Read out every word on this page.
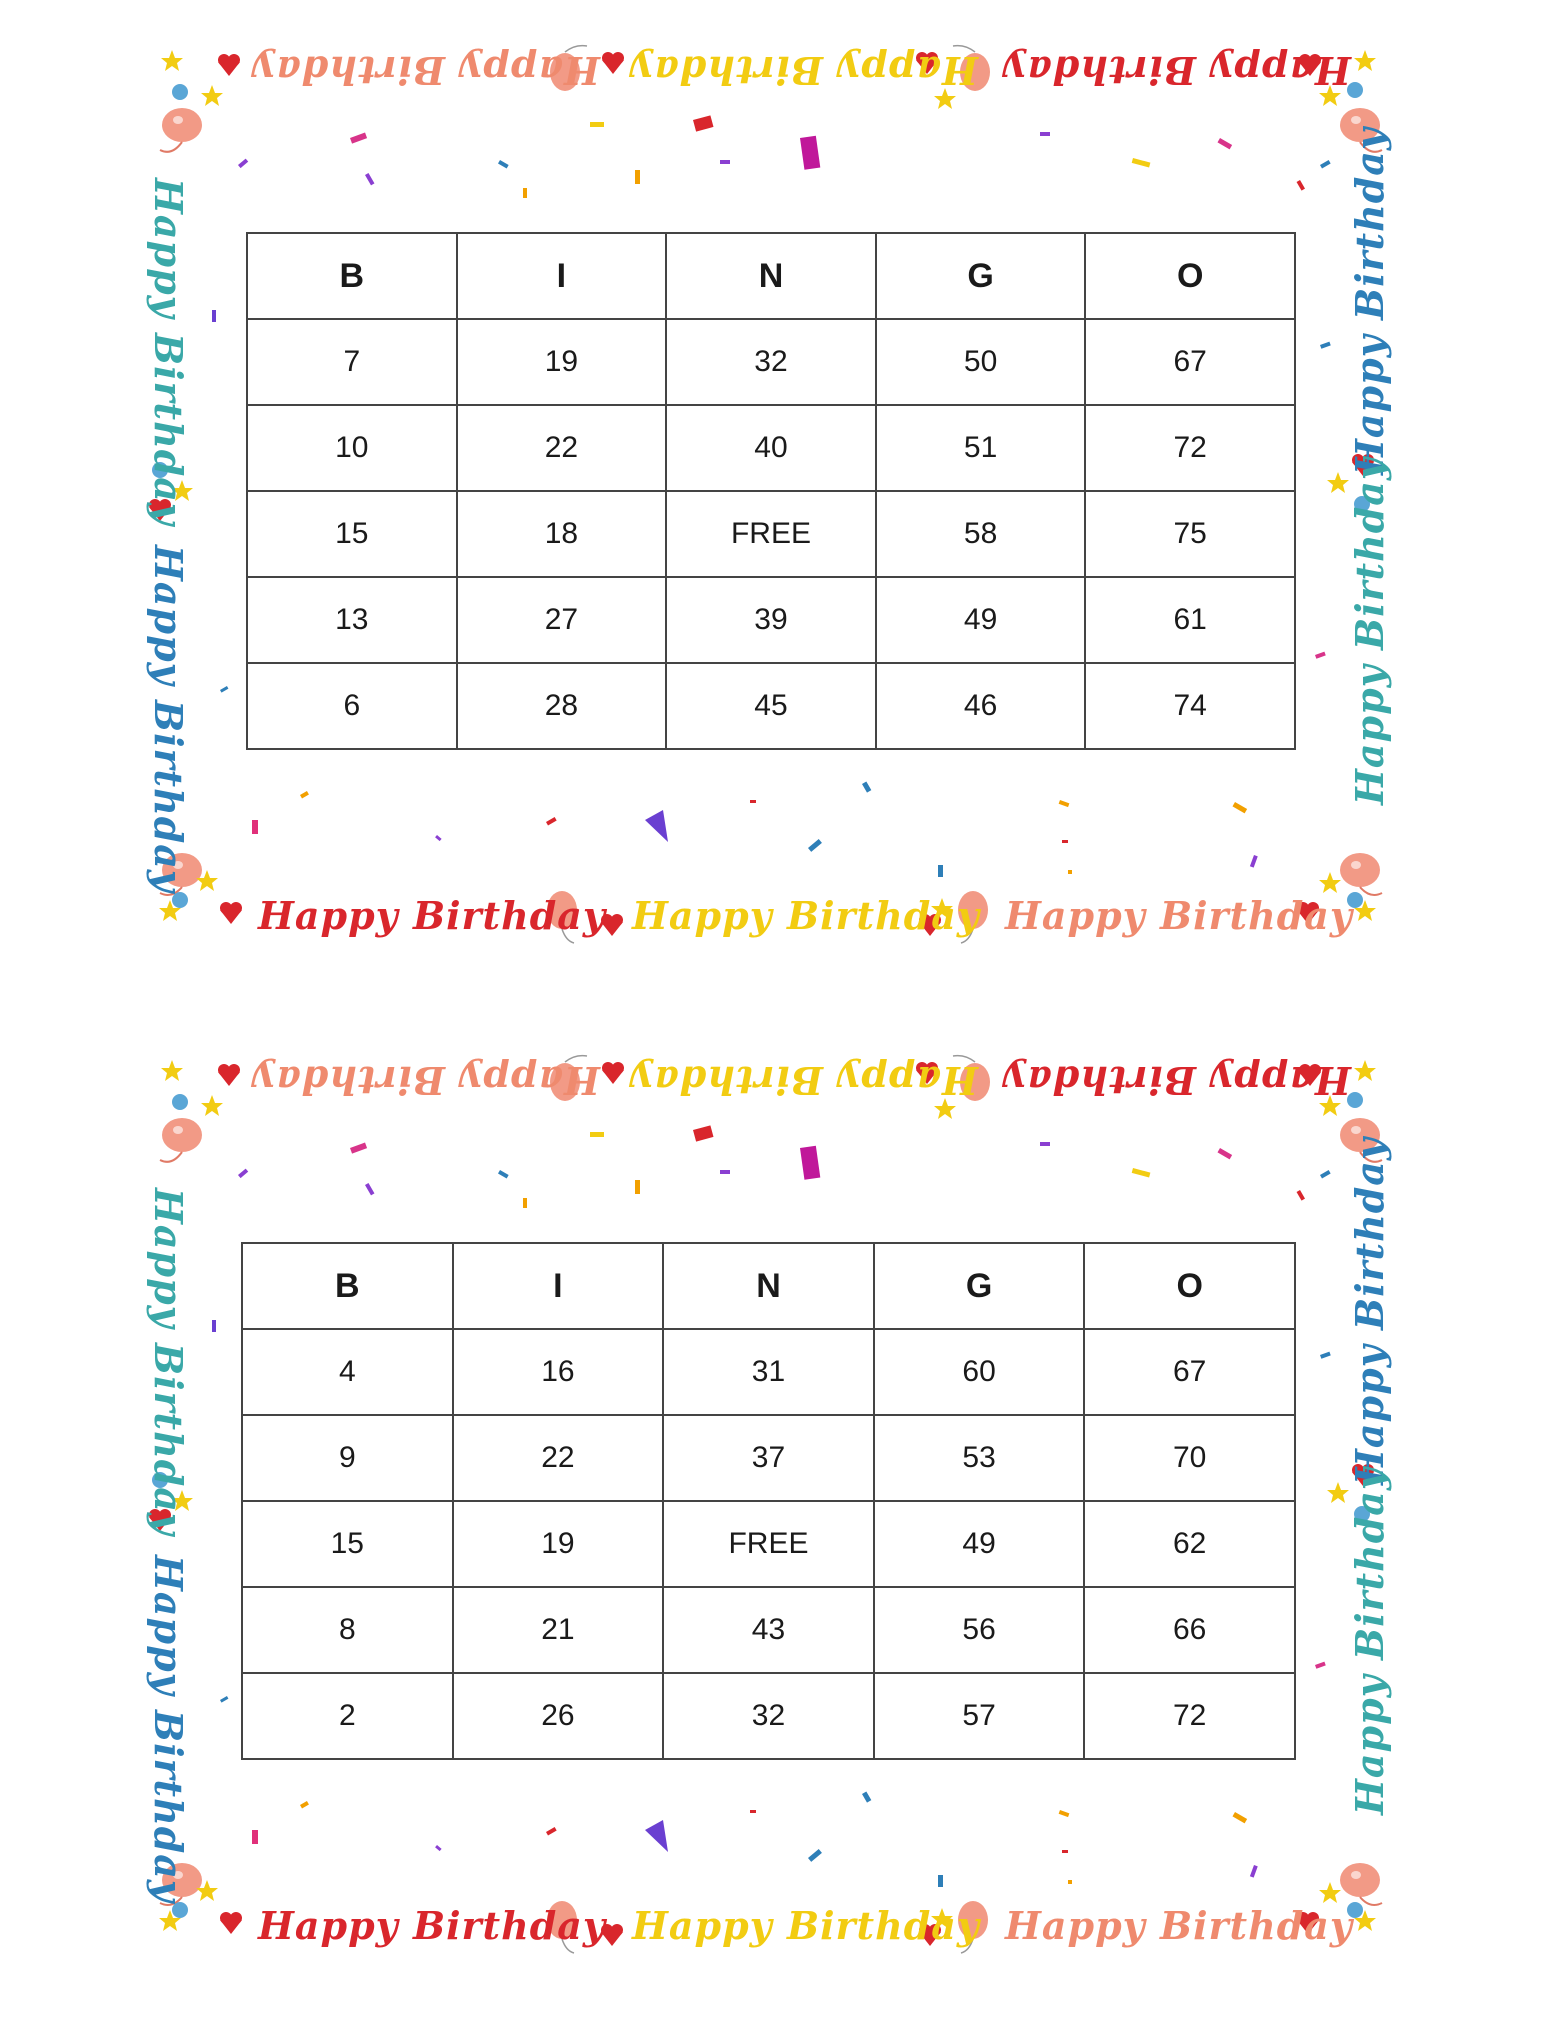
Happy Birthday Happy Birthday Happy Birthday
Happy Birthday Happy Birthday Happy Birthday
Happy Birthday
Happy Birthday
Happy Birthday
Happy Birthday
B	I	N	G	O
7	19	32	50	67
10	22	40	51	72
15	18	FREE	58	75
13	27	39	49	61
6	28	45	46	74
Happy Birthday Happy Birthday Happy Birthday
Happy Birthday Happy Birthday Happy Birthday
Happy Birthday
Happy Birthday
Happy Birthday
Happy Birthday
B	I	N	G	O
4	16	31	60	67
9	22	37	53	70
15	19	FREE	49	62
8	21	43	56	66
2	26	32	57	72
